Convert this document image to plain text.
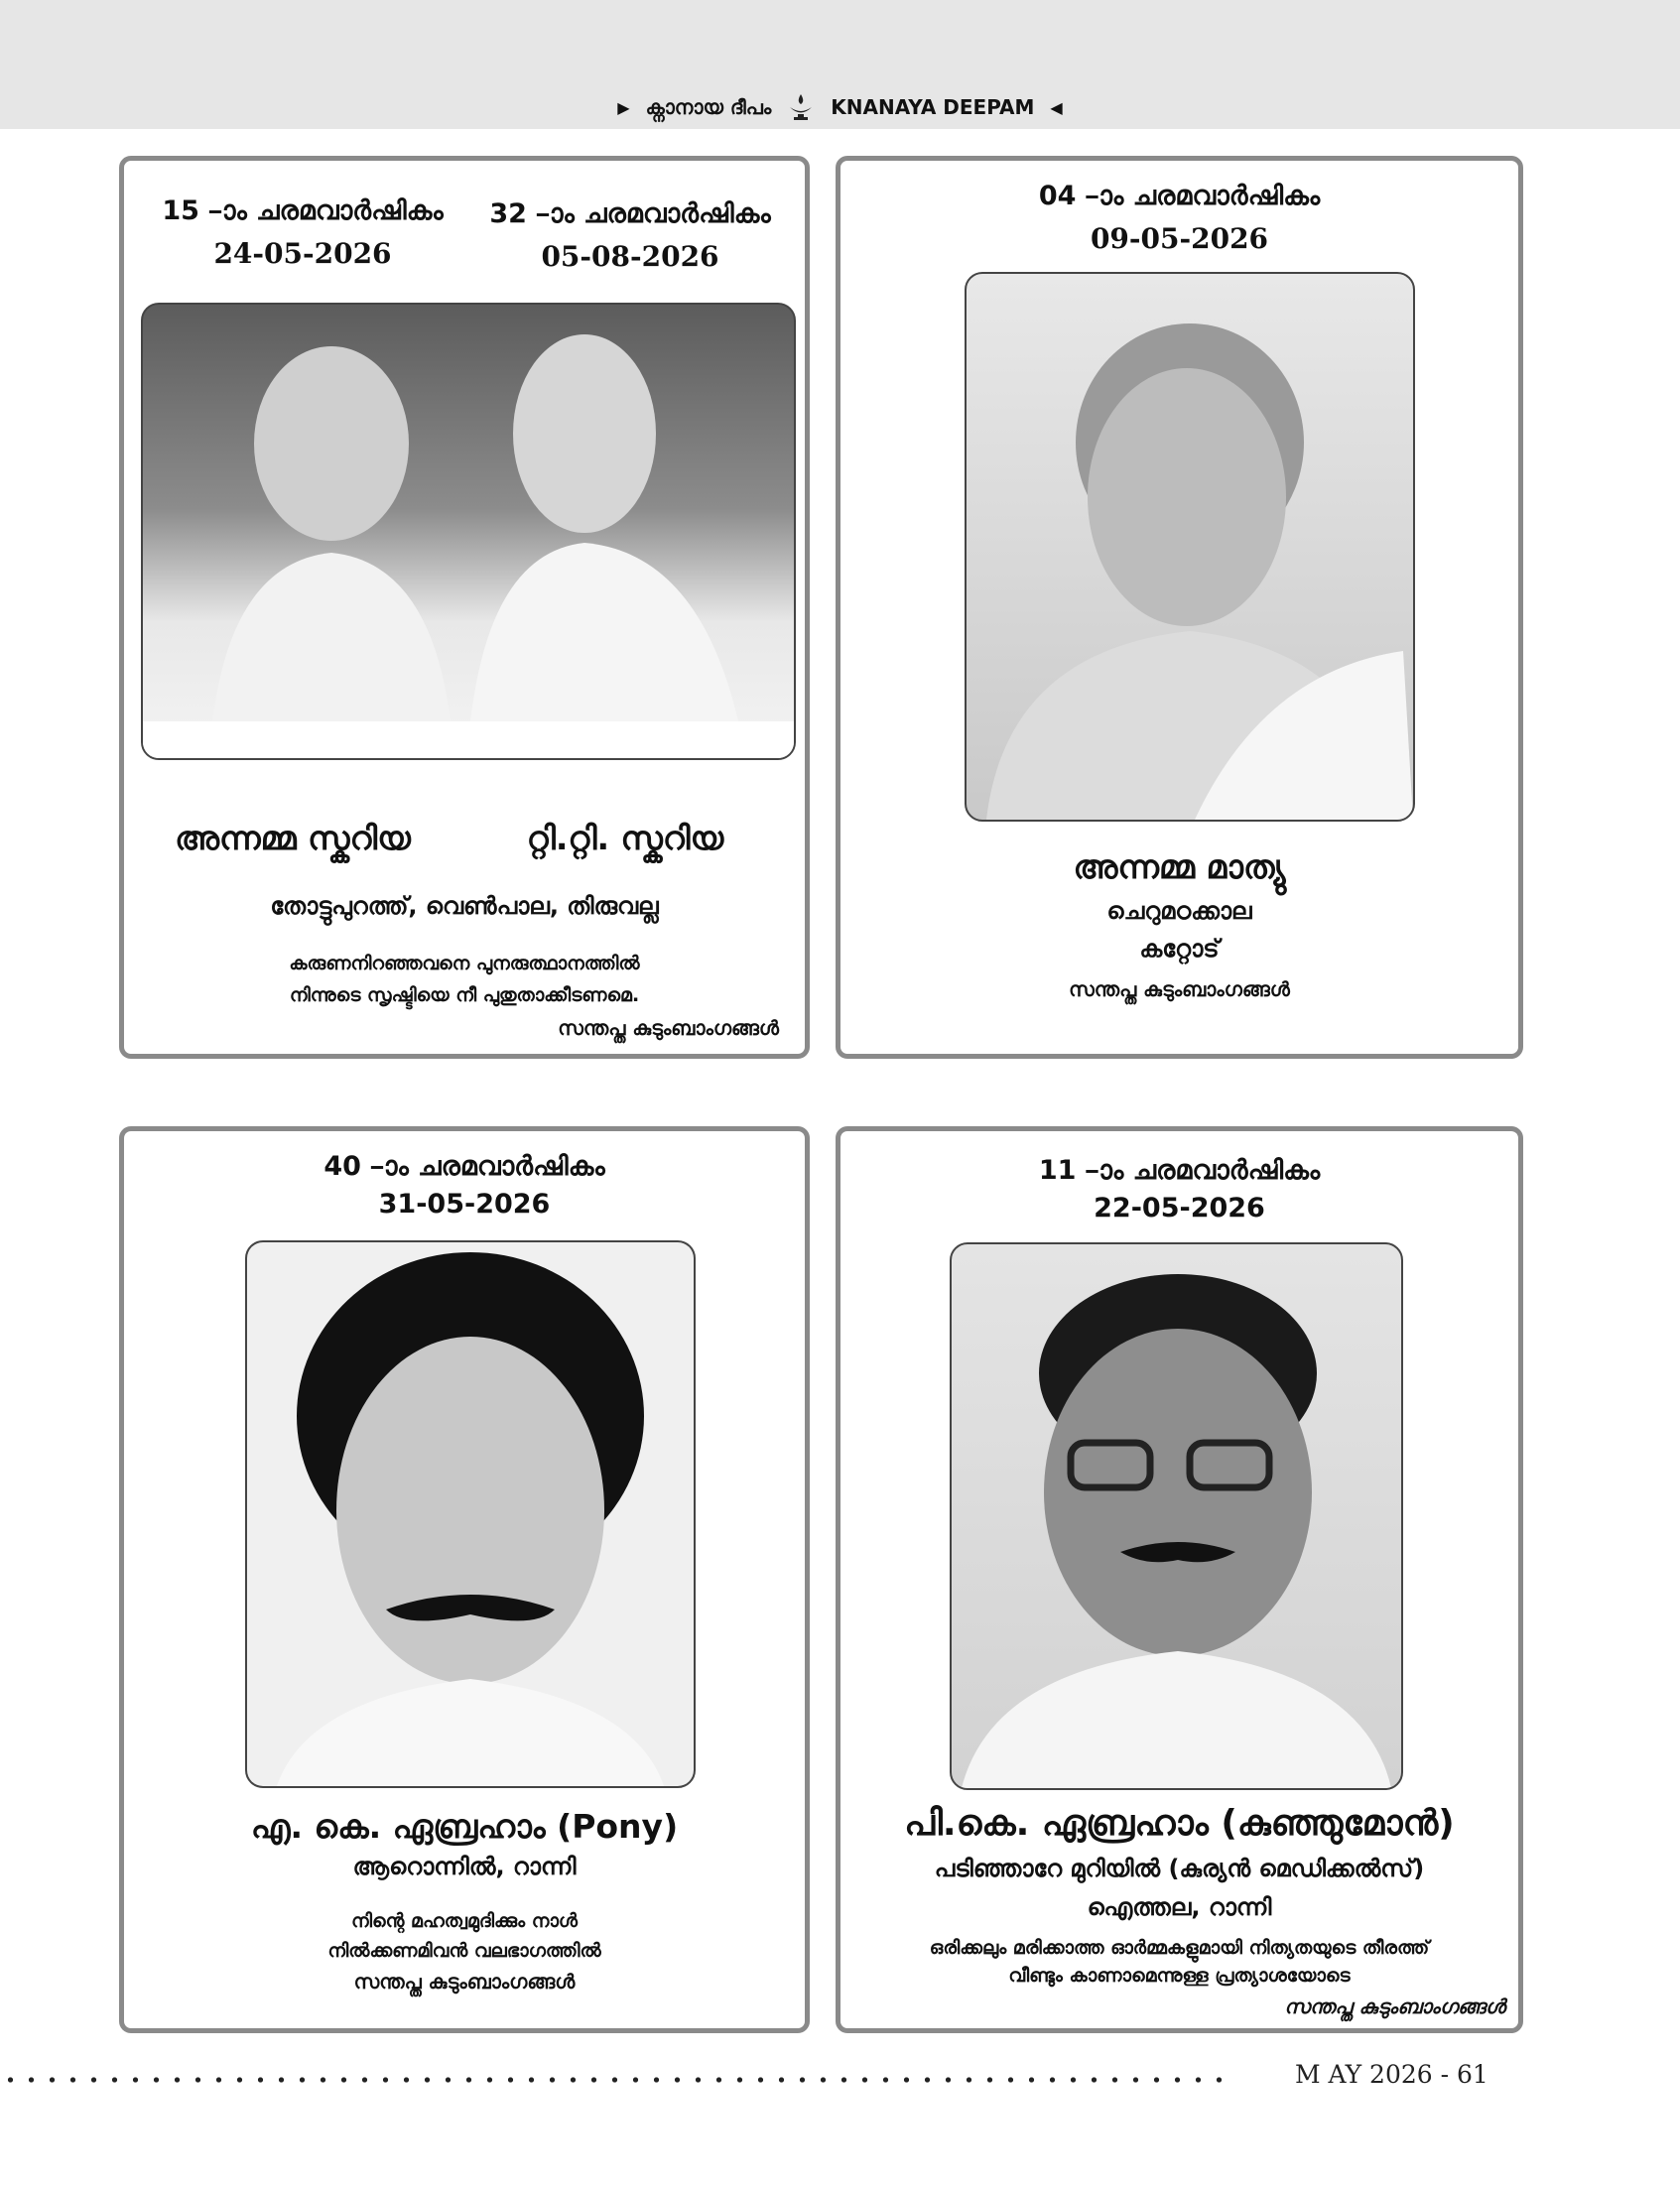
▶ ക്നാനായ ദീപം	KNANAYA DEEPAM ◀
15 –ാം ചരമവാർഷികം
24-05-2026
32 –ാം ചരമവാർഷികം
05-08-2026
അന്നമ്മ സ്കറിയ	റ്റി.റ്റി. സ്കറിയ
തോട്ടുപുറത്ത്, വെൺപാല, തിരുവല്ല
കരുണനിറഞ്ഞവനെ പുനരുത്ഥാനത്തിൽ
നിന്നുടെ സൃഷ്ടിയെ നീ പുതുതാക്കീടണമെ.
സന്തപ്ത കുടുംബാംഗങ്ങൾ
04 –ാം ചരമവാർഷികം
09-05-2026
അന്നമ്മ മാത്യു
ചെറുമഠക്കാല
കറ്റോട്
സന്തപ്ത കുടുംബാംഗങ്ങൾ
40 –ാം ചരമവാർഷികം
31-05-2026
എ. കെ. ഏബ്രഹാം (Pony)
ആറൊന്നിൽ, റാന്നി
നിന്റെ മഹത്വമുദിക്കും നാൾ
നിൽക്കണമിവൻ വലഭാഗത്തിൽ
സന്തപ്ത കുടുംബാംഗങ്ങൾ
11 –ാം ചരമവാർഷികം
22-05-2026
പി.കെ. ഏബ്രഹാം (കുഞ്ഞുമോൻ)
പടിഞ്ഞാറേ മുറിയിൽ (കുര്യൻ മെഡിക്കൽസ്)
ഐത്തല, റാന്നി
ഒരിക്കലും മരിക്കാത്ത ഓർമ്മകളുമായി നിത്യതയുടെ തീരത്ത്
വീണ്ടും കാണാമെന്നുള്ള പ്രത്യാശയോടെ
സന്തപ്ത കുടുംബാംഗങ്ങൾ
M AY 2026 - 61
